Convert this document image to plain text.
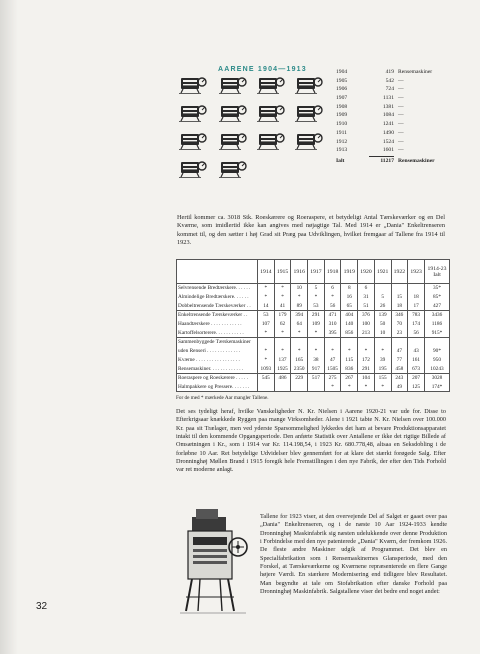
AARENE 1904—1913	1904	419 Rensemaskiner
1905	542 —
1906	724 —
1907	1131 —
1908	1381 —
1909	1084 —
1910	1241 —
1911	1490 —
1912	1524 —
1913	1601 —
Ialt	11217 Rensemaskiner
Hertil kommer ca. 3018 Stk. Roeskærere og Roeraspere, et betydeligt Antal Tærskeværker og en Del Kværne, som imidlertid ikke kan angives med nøjagtige Tal. Med 1914 er „Dania" Enkeltrenseren kommet til, og den sætter i høj Grad sit Præg paa Udviklingen, hvilket fremgaar af Tallene fra 1914 til 1923.
	1914	1915	1916	1917	1918	1919	1920	1921	1922	1923	1914-23 Ialt
Selvrensende Bredtærskere. . . . . .	*	*	10	5	6	8	6				35*
Almindelige Bredtærskere. . . . . .	*	*	*	*	*	16	31	5	15	18	85*
Dobbeltrensende Tærskeværker . .	14	41	89	53	56	65	51	26	18	17	427
Enkeltrensende Tærskeværker . .	53	179	394	291	471	404	376	139	346	783	3436
Haandtærskere . . . . . . . . . . . .	107	62	64	109	310	140	100	50	70	174	1186
Kartoffelsorterere. . . . . . . . . . .	*	*	*	*	395	856	213	10	23	56	915*
Sammenbyggede Tærskemaskiner											
uden Renseri . . . . . . . . . . . . .	*	*	*	*	*	*	*	*	47	43	90*
Kværne . . . . . . . . . . . . . . . . .	*	137	165	38	47	115	172	39	77	161	950
Rensemaskiner. . . . . . . . . . . . .	1093	1925	2350	917	1505	836	291	195	458	673	10243
Roeraspere og Roeskærere . . . . .	545	486	229	517	275	267	104	155	243	207	3028
Halmpakkere og Presserе. . . . . . .					*	*	*	*	49	125	174*
For de med * mærkede Aar mangler Tallene.
Det ses tydeligt heraf, hvilke Vanskeligheder N. Kr. Nielsen i Aarene 1920-21 var ude for. Disse to Efterkrigsaar knækkede Ryggen paa mange Virksomheder. Alene i 1921 tabte N. Kr. Nielsen over 100.000 Kr. paa sit Trælager, men ved yderste Sparsommelighed lykkedes det ham at bevare Produktionsapparatet intakt til den kommende Opgangsperiode. Den anførte Statistik over Antallene er ikke det rigtige Billede af Omsætningen i Kr., som i 1914 var Kr. 114.198,54, i 1923 Kr. 680.778,48, altsaa en Seksdobling i de forløbne 10 Aar. Ret betydelige Udvidelser blev gennemført for at klare det stærkt forøgede Salg. Efter Dronninghøj Møllen Brand i 1915 foregik hele Fremstillingen i den nye Fabrik, der efter den Tids Forhold var ret moderne anlagt.
Tallene for 1923 viser, at den overvejende Del af Salget er gaaet over paa „Dania" Enkeltrenseren, og i de næste 10 Aar 1924-1933 kendte Dronninghøj Maskinfabrik sig næsten udelukkende over denne Produktion i Forbindelse med den nye patenterede „Dania" Kværn, der fremkom 1926. De fleste andre Maskiner udgik af Programmet. Det blev en Specialfabrikation som i Rensemaskinernes Glansperiode, med den Forskel, at Tærskeværkerne og Kværnene repræsenterede en flere Gange højere Værdi. En stærkere Modernisering end tidligere blev Resultatet. Man begyndte at tale om Stofabrikation efter danske Forhold paa Dronninghøj Maskinfabrik. Salgstallene viser det bedre end noget andet:
32
